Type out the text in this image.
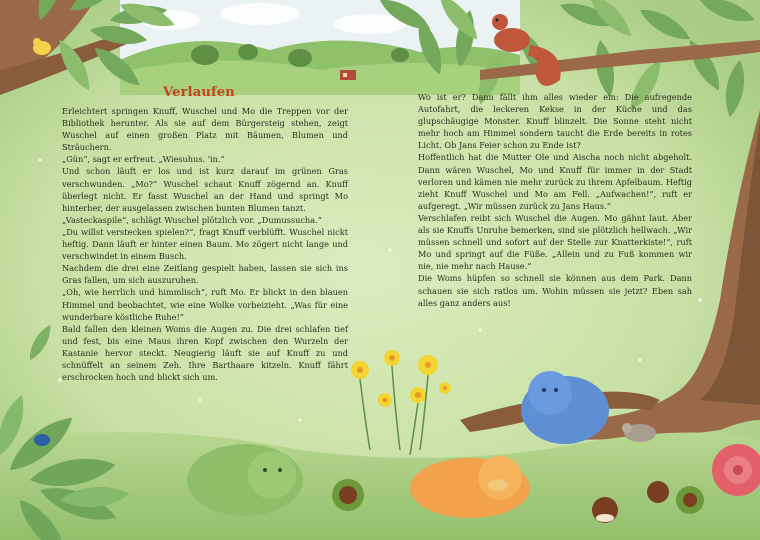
Verlaufen

Erleichtert springen Knuff, Wuschel und Mo die Treppen vor der Bibliothek herunter. Als sie auf dem Bürgersteig stehen, zeigt Wuschel auf einen großen Platz mit Bäumen, Blumen und Sträuchern.

„Gün“, sagt er erfreut. „Wiesuhus. 'in.“

Und schon läuft er los und ist kurz darauf im grünen Gras verschwunden. „Mo?“ Wuschel schaut Knuff zögernd an. Knuff überlegt nicht. Er fasst Wuschel an der Hand und springt Mo hinterher, der ausgelassen zwischen bunten Blumen tanzt.

„Vasteckaspile“, schlägt Wuschel plötzlich vor. „Dumussucha.“

„Du willst verstecken spielen?“, fragt Knuff verblüfft. Wuschel nickt heftig. Dann läuft er hinter einen Baum. Mo zögert nicht lange und verschwindet in einem Busch.

Nachdem die drei eine Zeitlang gespielt haben, lassen sie sich ins Gras fallen, um sich auszuruhen.

„Oh, wie herrlich und himmlisch“, ruft Mo. Er blickt in den blauen Himmel und beobachtet, wie eine Wolke vorbeizieht. „Was für eine wunderbare köstliche Ruhe!“

Bald fallen den kleinen Woms die Augen zu. Die drei schlafen tief und fest, bis eine Maus ihren Kopf zwischen den Wurzeln der Kastanie hervor steckt. Neugierig läuft sie auf Knuff zu und schnüffelt an seinem Zeh. Ihre Barthaare kitzeln. Knuff fährt erschrocken hoch und blickt sich um.

Wo ist er? Dann fällt ihm alles wieder ein: Die aufregende Autofahrt, die leckeren Kekse in der Küche und das glupschäugige Monster. Knuff blinzelt. Die Sonne steht nicht mehr hoch am Himmel sondern taucht die Erde bereits in rotes Licht. Ob Jans Feier schon zu Ende ist?

Hoffentlich hat die Mutter Ole und Aischa noch nicht abgeholt. Dann wären Wuschel, Mo und Knuff für immer in der Stadt verloren und kämen nie mehr zurück zu ihrem Apfelbaum. Heftig zieht Knuff Wuschel und Mo am Fell. „Aufwachen!“, ruft er aufgeregt. „Wir müssen zurück zu Jans Haus.“

Verschlafen reibt sich Wuschel die Augen. Mo gähnt laut. Aber als sie Knuffs Unruhe bemerken, sind sie plötzlich hellwach. „Wir müssen schnell und sofort auf der Stelle zur Knatterkiste!“, ruft Mo und springt auf die Füße. „Allein und zu Fuß kommen wir nie, nie mehr nach Hause.“

Die Woms hüpfen so schnell sie können aus dem Park. Dann schauen sie sich ratlos um. Wohin müssen sie jetzt? Eben sah alles ganz anders aus!
